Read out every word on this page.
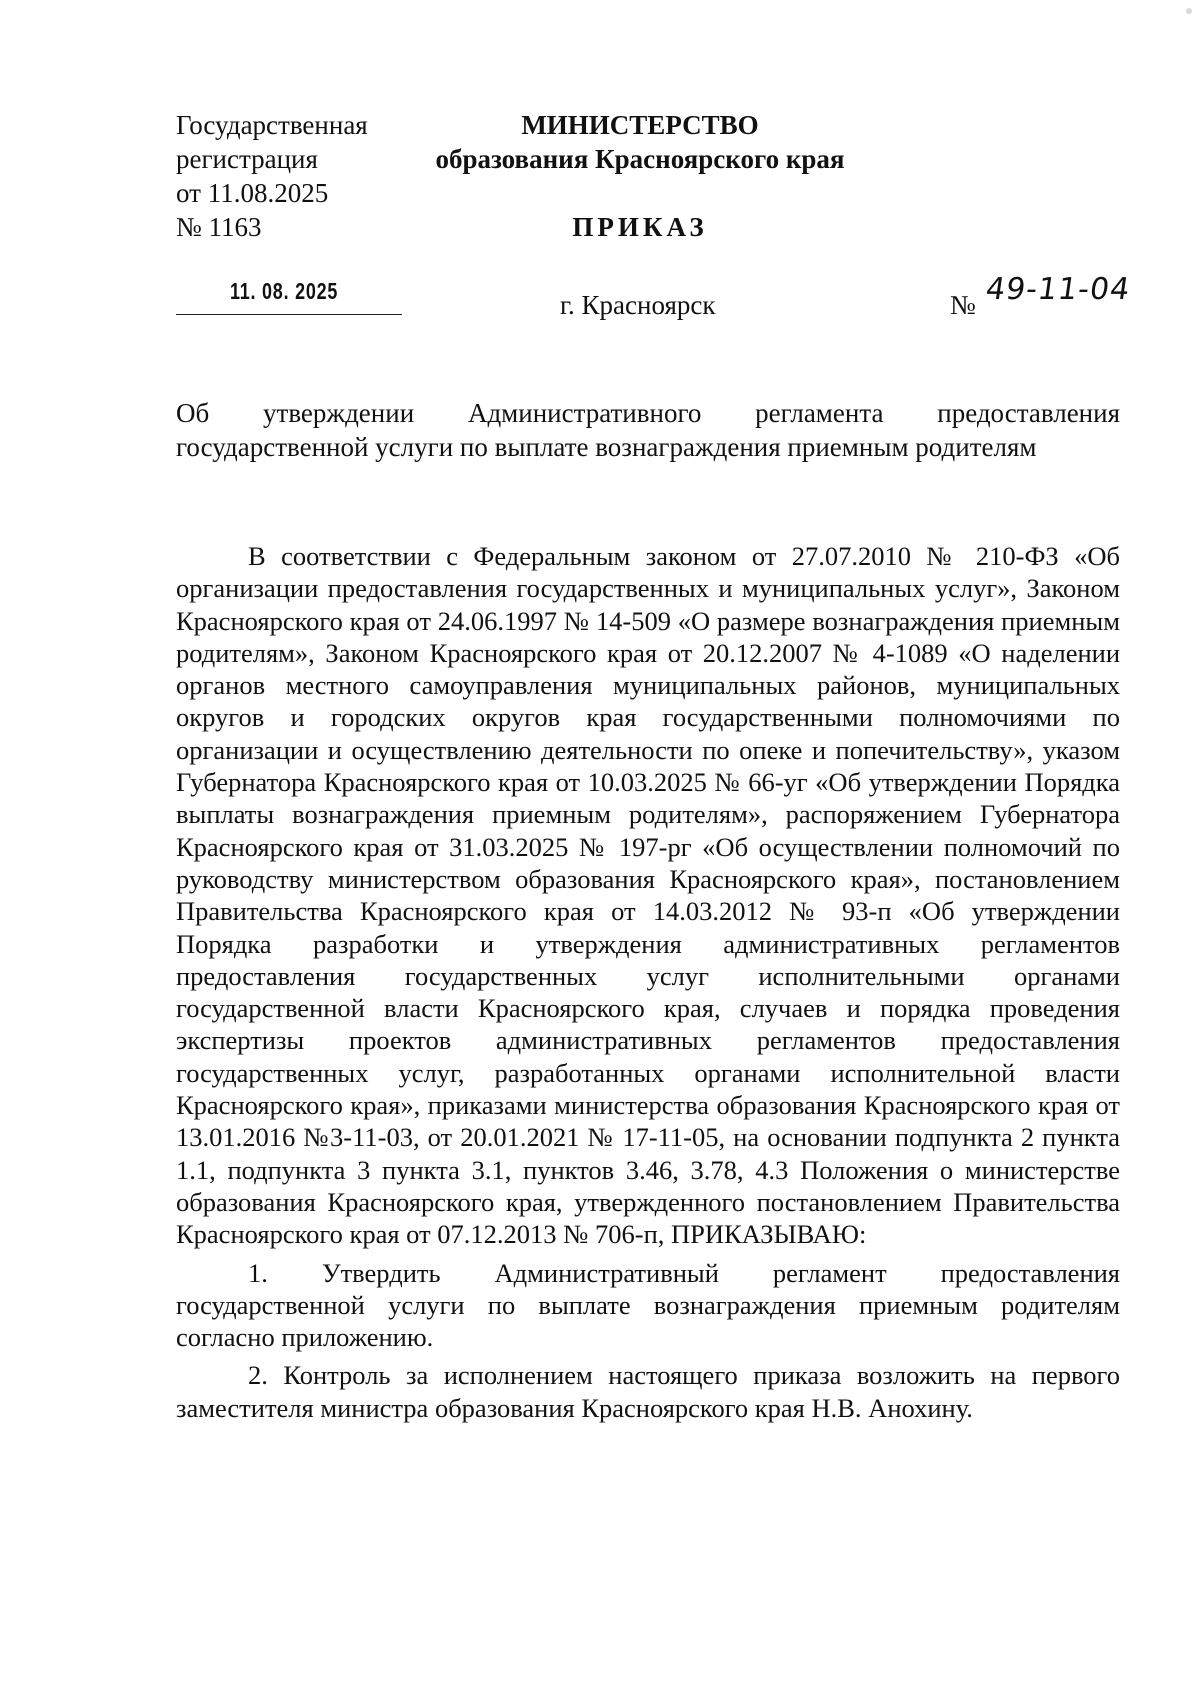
Государственная
регистрация
от 11.08.2025
№ 1163
МИНИСТЕРСТВО
образования Красноярского края
ПРИКАЗ
11. 08. 2025	г. Красноярск	№ 49-11-04
Об утверждении Административного регламента предоставления государственной услуги по выплате вознаграждения приемным родителям

В соответствии с Федеральным законом от 27.07.2010 № 210-ФЗ «Об организации предоставления государственных и муниципальных услуг», Законом Красноярского края от 24.06.1997 № 14-509 «О размере вознаграждения приемным родителям», Законом Красноярского края от 20.12.2007 № 4-1089 «О наделении органов местного самоуправления муниципальных районов, муниципальных округов и городских округов края государственными полномочиями по организации и осуществлению деятельности по опеке и попечительству», указом Губернатора Красноярского края от 10.03.2025 № 66-уг «Об утверждении Порядка выплаты вознаграждения приемным родителям», распоряжением Губернатора Красноярского края от 31.03.2025 № 197-рг «Об осуществлении полномочий по руководству министерством образования Красноярского края», постановлением Правительства Красноярского края от 14.03.2012 № 93-п «Об утверждении Порядка разработки и утверждения административных регламентов предоставления государственных услуг исполнительными органами государственной власти Красноярского края, случаев и порядка проведения экспертизы проектов административных регламентов предоставления государственных услуг, разработанных органами исполнительной власти Красноярского края», приказами министерства образования Красноярского края от 13.01.2016 №3-11-03, от 20.01.2021 № 17-11-05, на основании подпункта 2 пункта 1.1, подпункта 3 пункта 3.1, пунктов 3.46, 3.78, 4.3 Положения о министерстве образования Красноярского края, утвержденного постановлением Правительства Красноярского края от 07.12.2013 № 706-п, ПРИКАЗЫВАЮ:

1. Утвердить Административный регламент предоставления государственной услуги по выплате вознаграждения приемным родителям согласно приложению.

2. Контроль за исполнением настоящего приказа возложить на первого заместителя министра образования Красноярского края Н.В. Анохину.
